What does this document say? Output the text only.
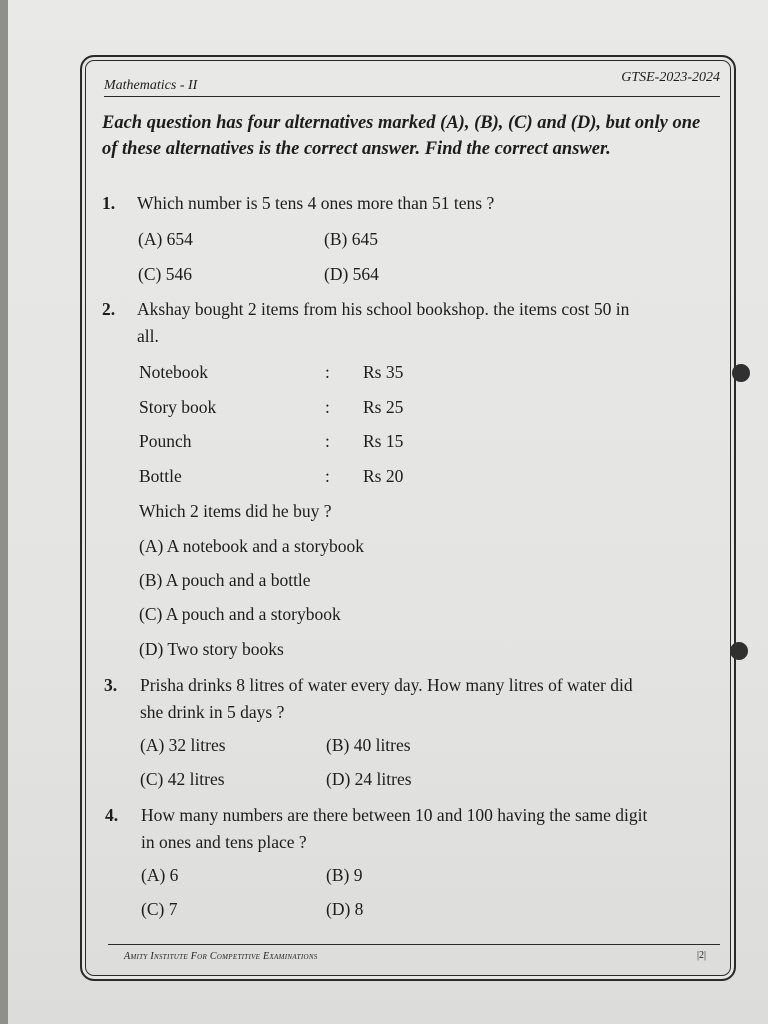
Mathematics - II
GTSE-2023-2024
Each question has four alternatives marked (A), (B), (C) and (D), but only one of these alternatives is the correct answer. Find the correct answer.
1. Which number is 5 tens 4 ones more than 51 tens ?
(A) 654	(B) 645
(C) 546	(D) 564
2. Akshay bought 2 items from his school bookshop. the items cost 50 in
all.
Notebook	: Rs 35
Story book	: Rs 25
Pounch	: Rs 15
Bottle	: Rs 20
Which 2 items did he buy ?
(A) A notebook and a storybook
(B) A pouch and a bottle
(C) A pouch and a storybook
(D) Two story books
3. Prisha drinks 8 litres of water every day. How many litres of water did
she drink in 5 days ?
(A) 32 litres	(B) 40 litres
(C) 42 litres	(D) 24 litres
4. How many numbers are there between 10 and 100 having the same digit
in ones and tens place ?
(A) 6	(B) 9
(C) 7	(D) 8
Amity Institute For Competitive Examinations	|2|
